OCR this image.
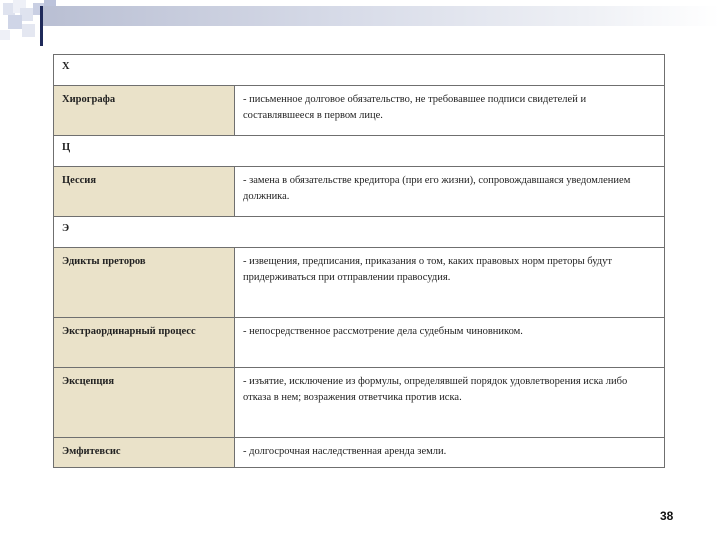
Х	
Хирографа	- письменное долговое обязательство, не требовавшее подписи свидетелей и составлявшееся в первом лице.
Ц	
Цессия	- замена в обязательстве кредитора (при его жизни), сопровождавшаяся уведомлением должника.
Э	
Эдикты преторов	- извещения, предписания, приказания о том, каких правовых норм преторы будут придерживаться при отправлении правосудия.
Экстраординарный процесс	- непосредственное рассмотрение дела судебным чиновником.
Эксцепция	- изъятие, исключение из формулы, определявшей порядок удовлетворения иска либо отказа в нем; возражения ответчика против иска.
Эмфитевсис	- долгосрочная наследственная аренда земли.
38
